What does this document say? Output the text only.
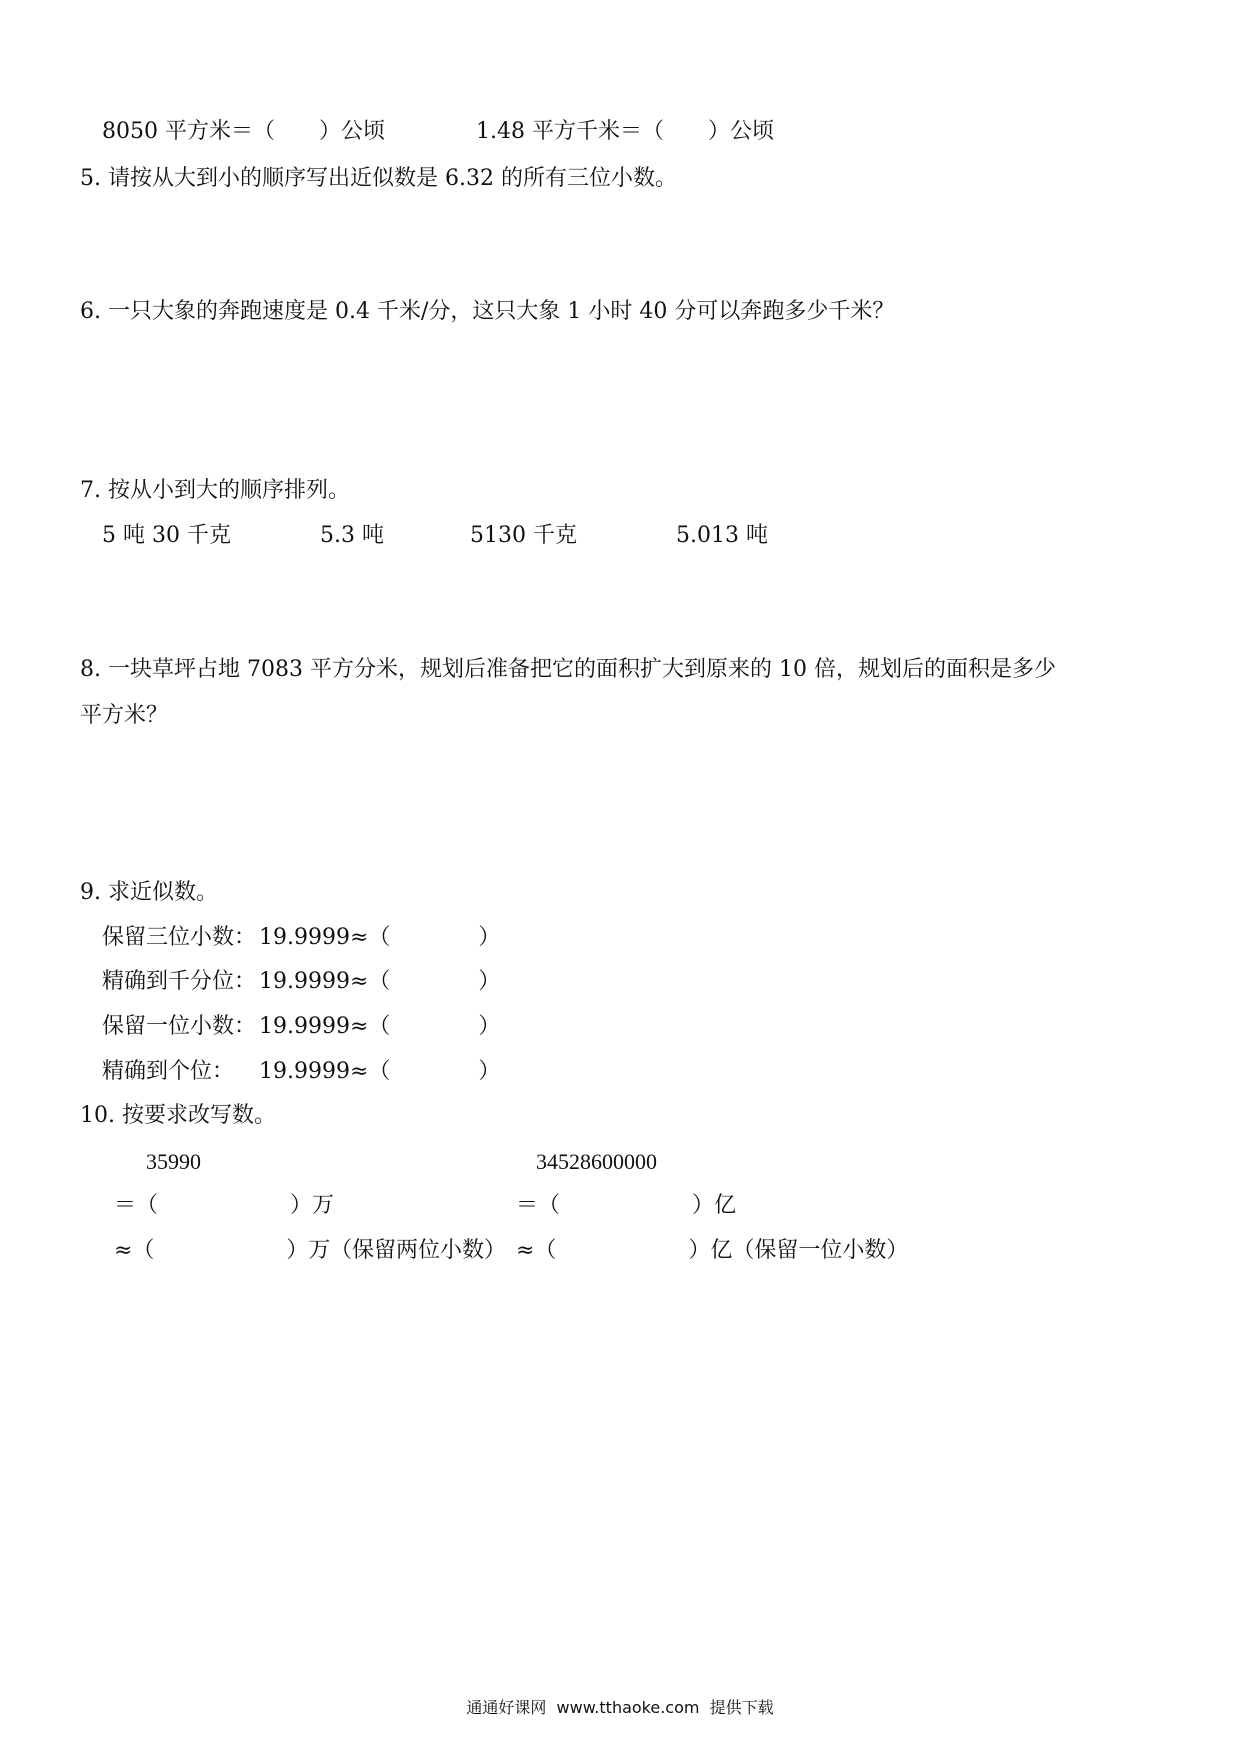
8050 平方米＝（　　）公顷	1.48 平方千米＝（　　）公顷
5. 请按从大到小的顺序写出近似数是 6.32 的所有三位小数。
6. 一只大象的奔跑速度是 0.4 千米/分，这只大象 1 小时 40 分可以奔跑多少千米？
7. 按从小到大的顺序排列。
5 吨 30 千克	5.3 吨	5130 千克	5.013 吨
8. 一块草坪占地 7083 平方分米，规划后准备把它的面积扩大到原来的 10 倍，规划后的面积是多少
平方米？
9. 求近似数。
保留三位小数： 19.9999≈（　　　　）
精确到千分位： 19.9999≈（　　　　）
保留一位小数： 19.9999≈（　　　　）
精确到个位： 19.9999≈（　　　　）
10. 按要求改写数。
35990	34528600000
＝（　　　　　　）万	＝（　　　　　　）亿
≈（　　　　　　）万 （保留两位小数） ≈（　　　　　　）亿（保留一位小数）
通通好课网  www.tthaoke.com  提供下载
